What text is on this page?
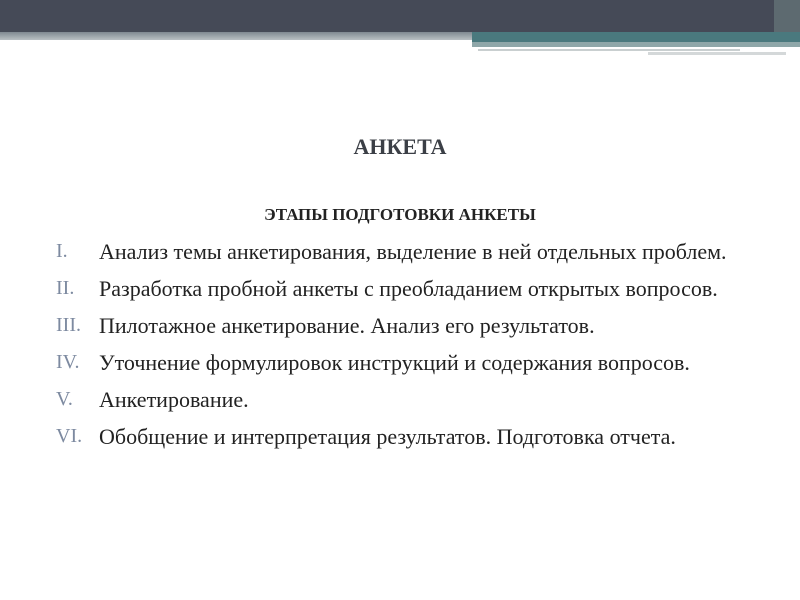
АНКЕТА
ЭТАПЫ ПОДГОТОВКИ АНКЕТЫ
I. Анализ темы анкетирования, выделение в ней отдельных проблем.
II. Разработка пробной анкеты с преобладанием открытых вопросов.
III. Пилотажное анкетирование. Анализ его результатов.
IV. Уточнение формулировок инструкций и содержания вопросов.
V. Анкетирование.
VI. Обобщение и интерпретация результатов. Подготовка отчета.
